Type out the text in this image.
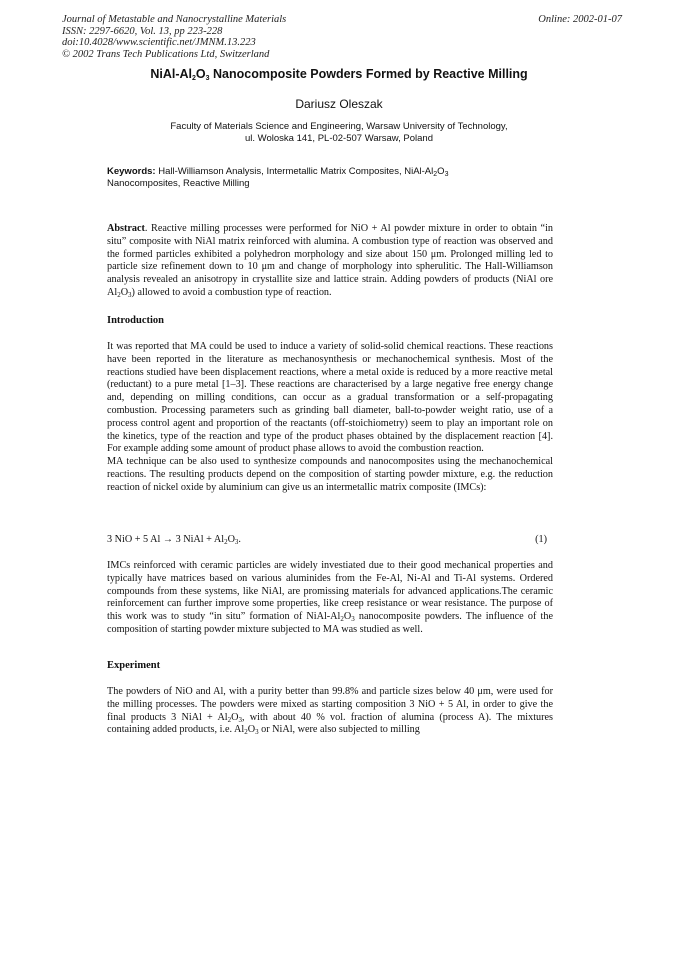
Journal of Metastable and Nanocrystalline Materials
ISSN: 2297-6620, Vol. 13, pp 223-228
doi:10.4028/www.scientific.net/JMNM.13.223
© 2002 Trans Tech Publications Ltd, Switzerland
Online: 2002-01-07
NiAl-$Al_2O_3$ Nanocomposite Powders Formed by Reactive Milling
Dariusz Oleszak
Faculty of Materials Science and Engineering, Warsaw University of Technology,
ul. Woloska 141, PL-02-507 Warsaw, Poland
Keywords: Hall-Williamson Analysis, Intermetallic Matrix Composites, NiAl-$Al_2O_3$
Nanocomposites, Reactive Milling

Abstract. Reactive milling processes were performed for NiO + Al powder mixture in order to obtain “in situ” composite with NiAl matrix reinforced with alumina. A combustion type of reaction was observed and the formed particles exhibited a polyhedron morphology and size about 150 μm. Prolonged milling led to particle size refinement down to 10 μm and change of morphology into spherulitic. The Hall-Williamson analysis revealed an anisotropy in crystallite size and lattice strain. Adding powders of products (NiAl ore $Al_2O_3$) allowed to avoid a combustion type of reaction.

Introduction

It was reported that MA could be used to induce a variety of solid-solid chemical reactions. These reactions have been reported in the literature as mechanosynthesis or mechanochemical synthesis. Most of the reactions studied have been displacement reactions, where a metal oxide is reduced by a more reactive metal (reductant) to a pure metal [1–3]. These reactions are characterised by a large negative free energy change and, depending on milling conditions, can occur as a gradual transformation or a self-propagating combustion. Processing parameters such as grinding ball diameter, ball-to-powder weight ratio, use of a process control agent and proportion of the reactants (off-stoichiometry) seem to play an important role on the kinetics, type of the reaction and type of the product phases obtained by the displacement reaction [4]. For example adding some amount of product phase allows to avoid the combustion reaction.

MA technique can be also used to synthesize compounds and nanocomposites using the mechanochemical reactions. The resulting products depend on the composition of starting powder mixture, e.g. the reduction reaction of nickel oxide by aluminium can give us an intermetallic matrix composite (IMCs):

3 NiO + 5 Al → 3 NiAl + $Al_2O_3$.	(1)

IMCs reinforced with ceramic particles are widely investiated due to their good mechanical properties and typically have matrices based on various aluminides from the Fe-Al, Ni-Al and Ti-Al systems. Ordered compounds from these systems, like NiAl, are promissing materials for advanced applications.The ceramic reinforcement can further improve some properties, like creep resistance or wear resistance. The purpose of this work was to study “in situ” formation of NiAl-$Al_2O_3$ nanocomposite powders. The influence of the composition of starting powder mixture subjected to MA was studied as well.

Experiment

The powders of NiO and Al, with a purity better than 99.8% and particle sizes below 40 μm, were used for the milling processes. The powders were mixed as starting composition 3 NiO + 5 Al, in order to give the final products 3 NiAl + $Al_2O_3$, with about 40 % vol. fraction of alumina (process A). The mixtures containing added products, i.e. $Al_2O_3$ or NiAl, were also subjected to milling
